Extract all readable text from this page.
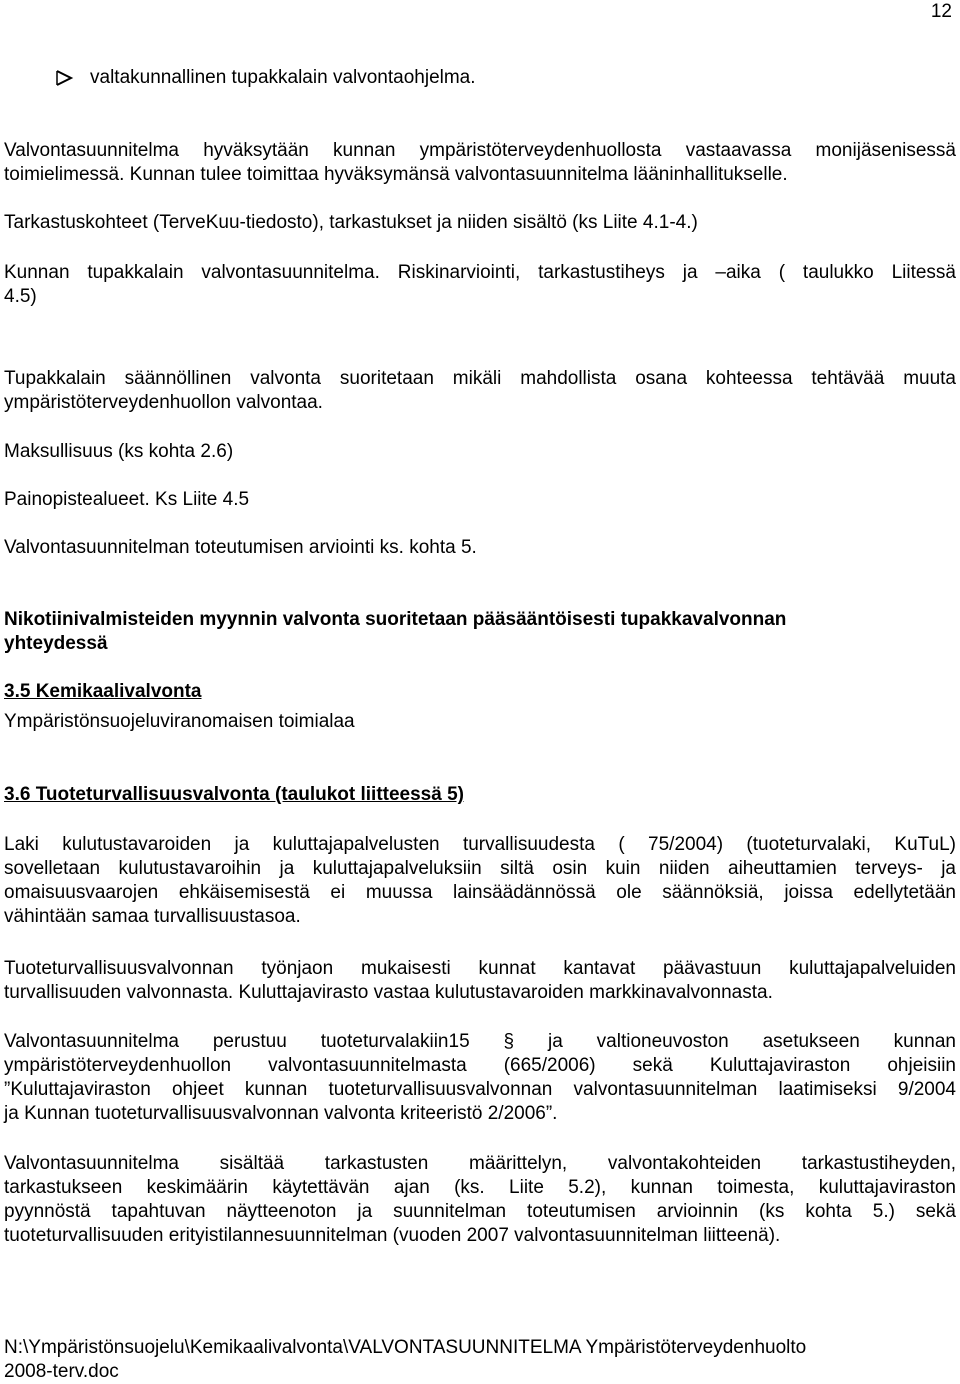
12

valtakunnallinen tupakkalain valvontaohjelma.

Valvontasuunnitelma hyväksytään kunnan ympäristöterveydenhuollosta vastaavassa monijäsenisessä

toimielimessä. Kunnan tulee toimittaa hyväksymänsä valvontasuunnitelma lääninhallitukselle.

Tarkastuskohteet (TerveKuu-tiedosto), tarkastukset ja niiden sisältö (ks Liite 4.1-4.)

Kunnan tupakkalain valvontasuunnitelma. Riskinarviointi, tarkastustiheys ja –aika ( taulukko Liitessä

4.5)

Tupakkalain säännöllinen valvonta suoritetaan mikäli mahdollista osana kohteessa tehtävää muuta

ympäristöterveydenhuollon valvontaa.

Maksullisuus (ks kohta 2.6)

Painopistealueet. Ks Liite 4.5

Valvontasuunnitelman toteutumisen arviointi ks. kohta 5.

Nikotiinivalmisteiden myynnin valvonta suoritetaan pääsääntöisesti tupakkavalvonnan

yhteydessä

3.5 Kemikaalivalvonta

Ympäristönsuojeluviranomaisen toimialaa

3.6 Tuoteturvallisuusvalvonta (taulukot liitteessä 5)

Laki kulutustavaroiden ja kuluttajapalvelusten turvallisuudesta ( 75/2004) (tuoteturvalaki, KuTuL)

sovelletaan kulutustavaroihin ja kuluttajapalveluksiin siltä osin kuin niiden aiheuttamien terveys- ja

omaisuusvaarojen ehkäisemisestä ei muussa lainsäädännössä ole säännöksiä, joissa edellytetään

vähintään samaa turvallisuustasoa.

Tuoteturvallisuusvalvonnan työnjaon mukaisesti kunnat kantavat päävastuun kuluttajapalveluiden

turvallisuuden valvonnasta. Kuluttajavirasto vastaa kulutustavaroiden markkinavalvonnasta.

Valvontasuunnitelma perustuu tuoteturvalakiin15 § ja valtioneuvoston asetukseen kunnan

ympäristöterveydenhuollon valvontasuunnitelmasta (665/2006) sekä Kuluttajaviraston ohjeisiin

”Kuluttajaviraston ohjeet kunnan tuoteturvallisuusvalvonnan valvontasuunnitelman laatimiseksi 9/2004

ja Kunnan tuoteturvallisuusvalvonnan valvonta kriteeristö 2/2006”.

Valvontasuunnitelma sisältää tarkastusten määrittelyn, valvontakohteiden tarkastustiheyden,

tarkastukseen keskimäärin käytettävän ajan (ks. Liite 5.2), kunnan toimesta, kuluttajaviraston

pyynnöstä tapahtuvan näytteenoton ja suunnitelman toteutumisen arvioinnin (ks kohta 5.) sekä

tuoteturvallisuuden erityistilannesuunnitelman (vuoden 2007 valvontasuunnitelman liitteenä).

N:\Ympäristönsuojelu\Kemikaalivalvonta\VALVONTASUUNNITELMA Ympäristöterveydenhuolto

2008-terv.doc
